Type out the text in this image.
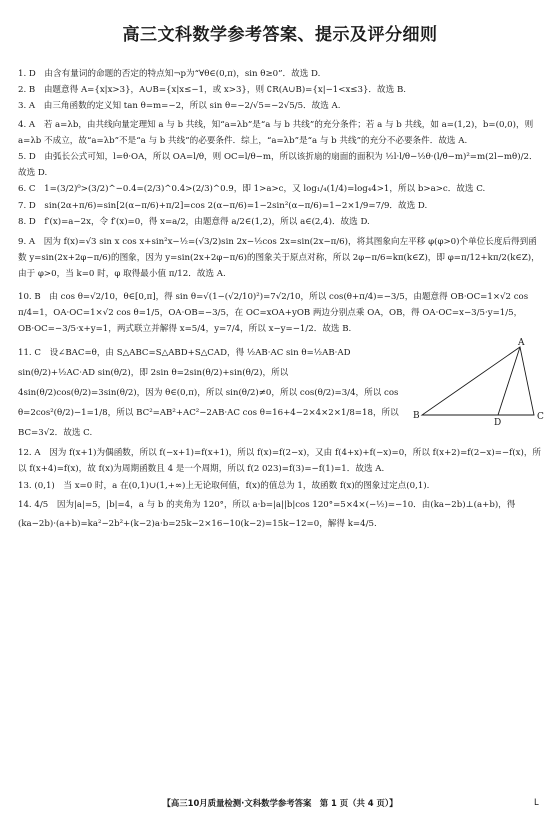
高三文科数学参考答案、提示及评分细则

1. D　由含有量词的命题的否定的特点知¬p为“∀θ∈(0,π)，sin θ≥0”．故选 D.

2. B　由题意得 A={x|x>3}，A∪B={x|x≤−1，或 x>3}，则 ∁R(A∪B)={x|−1<x≤3}．故选 B.

3. A　由三角函数的定义知 tan θ=m=−2，所以 sin θ=−2/√5=−2√5/5．故选 A.

4. A　若 a=λb，由共线向量定理知 a 与 b 共线，知“a=λb”是“a 与 b 共线”的充分条件；若 a 与 b 共线，如 a=(1,2)，b=(0,0)，则 a=λb 不成立，故“a=λb”不是“a 与 b 共线”的必要条件．综上，“a=λb”是“a 与 b 共线”的充分不必要条件．故选 A.

5. D　由弧长公式可知，l=θ·OA，所以 OA=l/θ，则 OC=l/θ−m，所以该折扇的扇面的面积为 ½l·l/θ−½θ·(l/θ−m)²=m(2l−mθ)/2．故选 D.

6. C　1=(3/2)⁰>(3/2)^−0.4=(2/3)^0.4>(2/3)^0.9，即 1>a>c，又 log₁/₄(1/4)=log₄4>1，所以 b>a>c．故选 C.

7. D　sin(2α+π/6)=sin[2(α−π/6)+π/2]=cos 2(α−π/6)=1−2sin²(α−π/6)=1−2×1/9=7/9．故选 D.

8. D　f′(x)=a−2x，令 f′(x)=0，得 x=a/2，由题意得 a/2∈(1,2)，所以 a∈(2,4)．故选 D.

9. A　因为 f(x)=√3 sin x cos x+sin²x−½=(√3/2)sin 2x−½cos 2x=sin(2x−π/6)，将其图象向左平移 φ(φ>0)个单位长度后得到函数 y=sin(2x+2φ−π/6)的图象，因为 y=sin(2x+2φ−π/6)的图象关于原点对称，所以 2φ−π/6=kπ(k∈Z)，即 φ=π/12+kπ/2(k∈Z)，由于 φ>0，当 k=0 时，φ 取得最小值 π/12．故选 A.

10. B　由 cos θ=√2/10，θ∈[0,π]，得 sin θ=√(1−(√2/10)²)=7√2/10，所以 cos(θ+π/4)=−3/5，由题意得 OB·OC=1×√2 cos π/4=1，OA·OC=1×√2 cos θ=1/5，OA·OB=−3/5，在 OC=xOA+yOB 两边分别点乘 OA，OB，得 OA·OC=x−3/5·y=1/5，OB·OC=−3/5·x+y=1，两式联立并解得 x=5/4，y=7/4，所以 x−y=−1/2．故选 B.

11. C　设∠BAC=θ，由 S△ABC=S△ABD+S△CAD，得 ½AB·AC sin θ=½AB·AD sin(θ/2)+½AC·AD sin(θ/2)，即 2sin θ=2sin(θ/2)+sin(θ/2)，所以 4sin(θ/2)cos(θ/2)=3sin(θ/2)，因为 θ∈(0,π)，所以 sin(θ/2)≠0，所以 cos(θ/2)=3/4，所以 cos θ=2cos²(θ/2)−1=1/8，所以 BC²=AB²+AC²−2AB·AC cos θ=16+4−2×4×2×1/8=18，所以 BC=3√2．故选 C.

A
B	C
D

12. A　因为 f(x+1)为偶函数，所以 f(−x+1)=f(x+1)，所以 f(x)=f(2−x)，又由 f(4+x)+f(−x)=0，所以 f(x+2)=f(2−x)=−f(x)，所以 f(x+4)=f(x)，故 f(x)为周期函数且 4 是一个周期，所以 f(2 023)=f(3)=−f(1)=1．故选 A.

13. (0,1)　当 x=0 时，a 在(0,1)∪(1,+∞)上无论取何值，f(x)的值总为 1，故函数 f(x)的图象过定点(0,1).

14. 4/5　因为|a|=5，|b|=4，a 与 b 的夹角为 120°，所以 a·b=|a||b|cos 120°=5×4×(−½)=−10．由(ka−2b)⊥(a+b)，得(ka−2b)·(a+b)=ka²−2b²+(k−2)a·b=25k−2×16−10(k−2)=15k−12=0，解得 k=4/5.

【高三10月质量检测·文科数学参考答案　第 1 页（共 4 页）】	L
